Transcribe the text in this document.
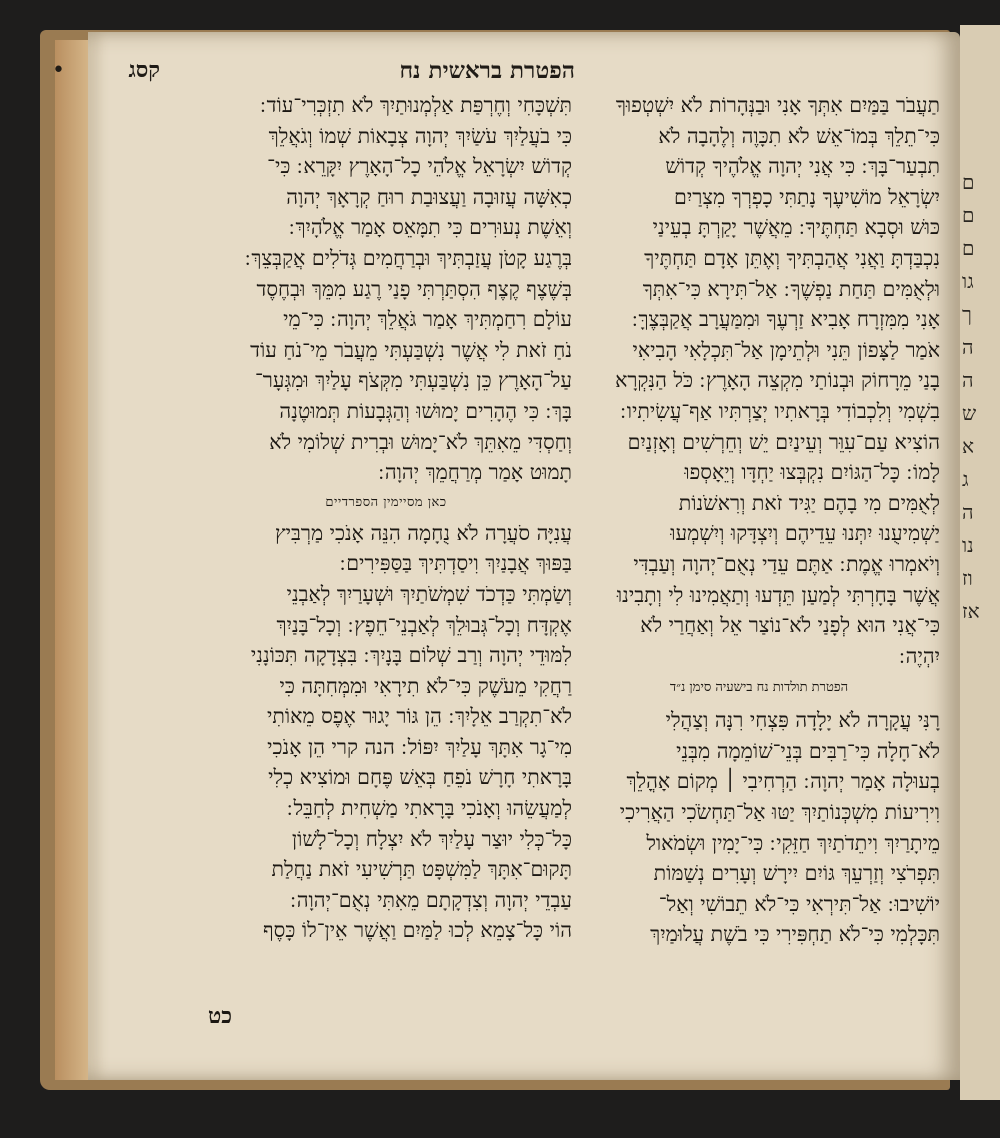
ם
ם
ם
גו
ך
ה
ה
ש
א
ג
ה
נו
וז
אז
הפטרת בראשית נח
קסג
•

תַעֲבֹר בַּמַּיִם אִתְּךָ אָנִי וּבַנְּהָרוֹת לֹא יִשְׁטְפוּךָ

כִּי־תֵלֵךְ בְּמוֹ־אֵשׁ לֹא תִכָּוֶה וְלֶהָבָה לֹא

תִבְעַר־בָּךְ ׃ כִּי אֲנִי יְהוָה אֱלֹהֶיךָ קְדוֹשׁ

יִשְׂרָאֵל מוֹשִׁיעֶךָ נָתַתִּי כָפְרְךָ מִצְרַיִם

כּוּשׁ וּסְבָא תַּחְתֶּיךָ ׃ מֵאֲשֶׁר יָקַרְתָּ בְעֵינַי

נִכְבַּדְתָּ וַאֲנִי אֲהַבְתִּיךָ וְאֶתֵּן אָדָם תַּחְתֶּיךָ

וּלְאֻמִּים תַּחַת נַפְשֶׁךָ ׃ אַל־תִּירָא כִּי־אִתְּךָ

אָנִי מִמִּזְרָח אָבִיא זַרְעֶךָ וּמִמַּעֲרָב אֲקַבְּצֶךָּ ׃

אֹמַר לַצָּפוֹן תֵּנִי וּלְתֵימָן אַל־תִּכְלָאִי הָבִיאִי

בָנַי מֵרָחוֹק וּבְנוֹתַי מִקְצֵה הָאָרֶץ ׃ כֹּל הַנִּקְרָא

בִשְׁמִי וְלִכְבוֹדִי בְּרָאתִיו יְצַרְתִּיו אַף־עֲשִׂיתִיו ׃

הוֹצִיא עַם־עִוֵּר וְעֵינַיִם יֵשׁ וְחֵרְשִׁים וְאָזְנַיִם

לָמוֹ ׃ כָּל־הַגּוֹיִם נִקְבְּצוּ יַחְדָּו וְיֵאָסְפוּ

לְאֻמִּים מִי בָהֶם יַגִּיד זֹאת וְרִאשֹׁנוֹת

יַשְׁמִיעֻנוּ יִתְּנוּ עֵדֵיהֶם וְיִצְדָּקוּ וְיִשְׁמְעוּ

וְיֹאמְרוּ אֱמֶת ׃ אַתֶּם עֵדַי נְאֻם־יְהוָה וְעַבְדִּי

אֲשֶׁר בָּחָרְתִּי לְמַעַן תֵּדְעוּ וְתַאֲמִינוּ לִי וְתָבִינוּ

כִּי־אֲנִי הוּא לְפָנַי לֹא־נוֹצַר אֵל וְאַחֲרַי לֹא

יִהְיֶה ׃

הפטרת תולדות נח בישעיה סימן נ״ד

רָנִּי עֲקָרָה לֹא יָלָדָה פִּצְחִי רִנָּה וְצַהֲלִי

לֹא־חָלָה כִּי־רַבִּים בְּנֵי־שׁוֹמֵמָה מִבְּנֵי

בְעוּלָה אָמַר יְהוָה ׃ הַרְחִיבִי ׀ מְקוֹם אָהֳלֵךְ

וִירִיעוֹת מִשְׁכְּנוֹתַיִךְ יַטּוּ אַל־תַּחְשֹׂכִי הַאֲרִיכִי

מֵיתָרַיִךְ וִיתֵדֹתַיִךְ חַזֵּקִי ׃ כִּי־יָמִין וּשְׂמֹאול

תִּפְרֹצִי וְזַרְעֵךְ גּוֹיִם יִירָשׁ וְעָרִים נְשַׁמּוֹת

יוֹשִׁיבוּ ׃ אַל־תִּירְאִי כִּי־לֹא תֵבוֹשִׁי וְאַל־

תִּכָּלְמִי כִּי־לֹא תַחְפִּירִי כִּי בֹשֶׁת עֲלוּמַיִךְ

תִּשְׁכָּחִי וְחֶרְפַּת אַלְמְנוּתַיִךְ לֹא תִזְכְּרִי־עוֹד ׃

כִּי בֹעֲלַיִךְ עֹשַׂיִךְ יְהוָה צְבָאוֹת שְׁמוֹ וְגֹאֲלֵךְ

קְדוֹשׁ יִשְׂרָאֵל אֱלֹהֵי כָל־הָאָרֶץ יִקָּרֵא ׃ כִּי־

כְאִשָּׁה עֲזוּבָה וַעֲצוּבַת רוּחַ קְרָאָךְ יְהוָה

וְאֵשֶׁת נְעוּרִים כִּי תִמָּאֵס אָמַר אֱלֹהָיִךְ ׃

בְּרֶגַע קָטֹן עֲזַבְתִּיךְ וּבְרַחֲמִים גְּדֹלִים אֲקַבְּצֵךְ ׃

בְּשֶׁצֶף קֶצֶף הִסְתַּרְתִּי פָנַי רֶגַע מִמֵּךְ וּבְחֶסֶד

עוֹלָם רִחַמְתִּיךְ אָמַר גֹּאֲלֵךְ יְהוָה ׃ כִּי־מֵי

נֹחַ זֹאת לִי אֲשֶׁר נִשְׁבַּעְתִּי מֵעֲבֹר מֵי־נֹחַ עוֹד

עַל־הָאָרֶץ כֵּן נִשְׁבַּעְתִּי מִקְּצֹף עָלַיִךְ וּמִגְּעָר־

בָּךְ ׃ כִּי הֶהָרִים יָמוּשׁוּ וְהַגְּבָעוֹת תְּמוּטֶנָה

וְחַסְדִּי מֵאִתֵּךְ לֹא־יָמוּשׁ וּבְרִית שְׁלוֹמִי לֹא

תָמוּט אָמַר מְרַחֲמֵךְ יְהוָה ׃

כאן מסיימין הספרדיים

עֲנִיָּה סֹעֲרָה לֹא נֻחָמָה הִנֵּה אָנֹכִי מַרְבִּיץ

בַּפּוּךְ אֲבָנַיִךְ וִיסַדְתִּיךְ בַּסַּפִּירִים ׃

וְשַׂמְתִּי כַּדְכֹד שִׁמְשֹׁתַיִךְ וּשְׁעָרַיִךְ לְאַבְנֵי

אֶקְדָּח וְכָל־גְּבוּלֵךְ לְאַבְנֵי־חֵפֶץ ׃ וְכָל־בָּנַיִךְ

לִמּוּדֵי יְהוָה וְרַב שְׁלוֹם בָּנָיִךְ ׃ בִּצְדָקָה תִּכּוֹנָנִי

רַחֲקִי מֵעֹשֶׁק כִּי־לֹא תִירָאִי וּמִמְּחִתָּה כִּי

לֹא־תִקְרַב אֵלָיִךְ ׃ הֵן גּוֹר יָגוּר אֶפֶס מֵאוֹתִי

מִי־גָר אִתָּךְ עָלַיִךְ יִפּוֹל ׃ הנה קרי הֵן אָנֹכִי

בָּרָאתִי חָרָשׁ נֹפֵחַ בְּאֵשׁ פֶּחָם וּמוֹצִיא כְלִי

לְמַעֲשֵׂהוּ וְאָנֹכִי בָּרָאתִי מַשְׁחִית לְחַבֵּל ׃

כָּל־כְּלִי יוּצַר עָלַיִךְ לֹא יִצְלָח וְכָל־לָשׁוֹן

תָּקוּם־אִתָּךְ לַמִּשְׁפָּט תַּרְשִׁיעִי זֹאת נַחֲלַת

עַבְדֵי יְהוָה וְצִדְקָתָם מֵאִתִּי נְאֻם־יְהוָה ׃

הוֹי כָּל־צָמֵא לְכוּ לַמַּיִם וַאֲשֶׁר אֵין־לוֹ כָּסֶף

כט
